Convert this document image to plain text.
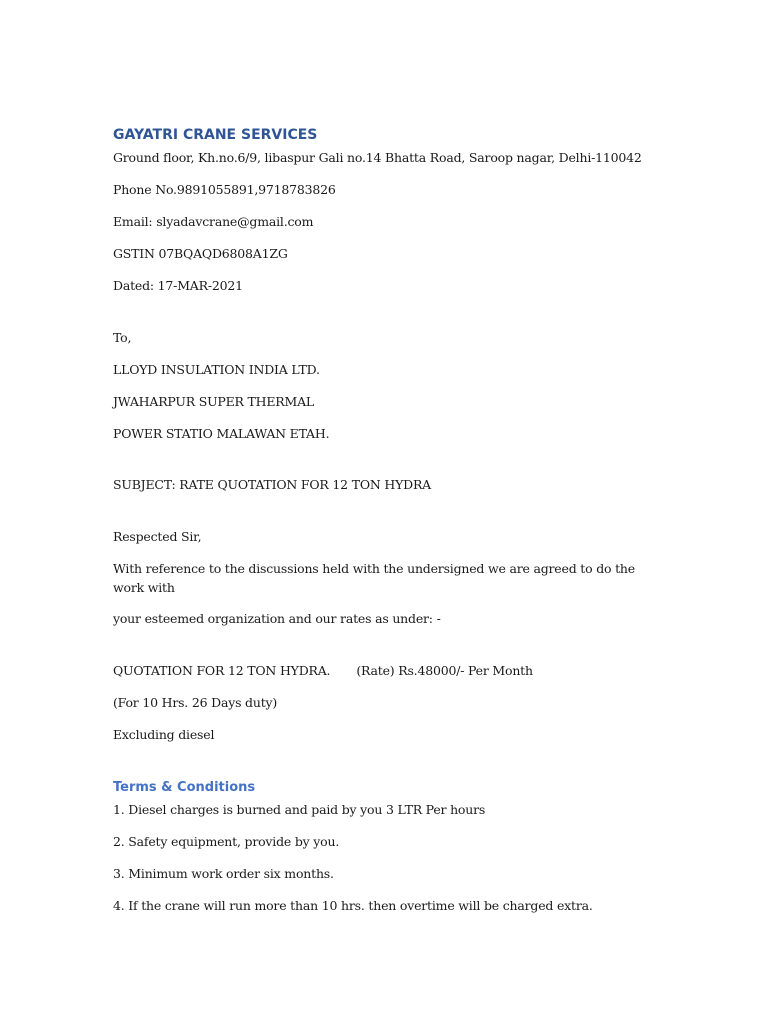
GAYATRI CRANE SERVICES
Ground floor, Kh.no.6/9, libaspur Gali no.14 Bhatta Road, Saroop nagar, Delhi-110042
Phone No.9891055891,9718783826
Email: slyadavcrane@gmail.com
GSTIN 07BQAQD6808A1ZG
Dated: 17-MAR-2021
To,
LLOYD INSULATION INDIA LTD.
JWAHARPUR SUPER THERMAL
POWER STATIO MALAWAN ETAH.
SUBJECT: RATE QUOTATION FOR 12 TON HYDRA
Respected Sir,
With reference to the discussions held with the undersigned we are agreed to do the work with
your esteemed organization and our rates as under: -
QUOTATION FOR 12 TON HYDRA. (Rate) Rs.48000/- Per Month
(For 10 Hrs. 26 Days duty)
Excluding diesel
Terms & Conditions
1. Diesel charges is burned and paid by you 3 LTR Per hours
2. Safety equipment, provide by you.
3. Minimum work order six months.
4. If the crane will run more than 10 hrs. then overtime will be charged extra.
